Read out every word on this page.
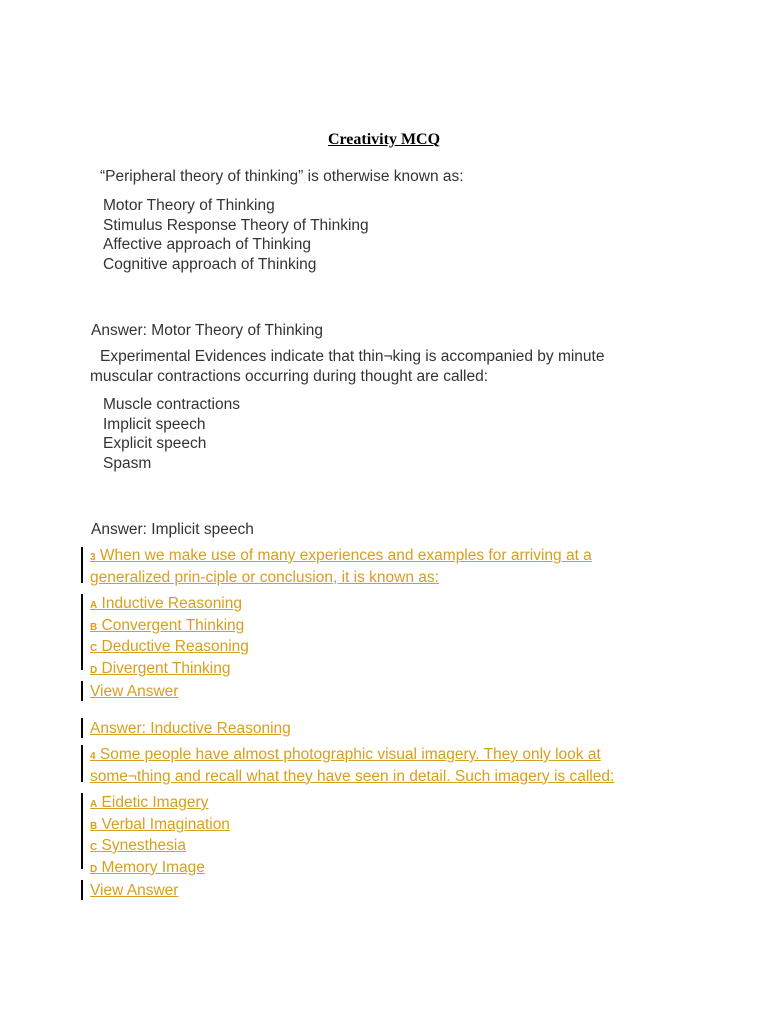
Creativity MCQ
“Peripheral theory of thinking” is otherwise known as:
Motor Theory of Thinking
Stimulus Response Theory of Thinking
Affective approach of Thinking
Cognitive approach of Thinking
Answer: Motor Theory of Thinking
Experimental Evidences indicate that thin¬king is accompanied by minute
muscular contractions occurring during thought are called:
Muscle contractions
Implicit speech
Explicit speech
Spasm
Answer: Implicit speech
3 When we make use of many experiences and examples for arriving at a
generalized prin-ciple or conclusion, it is known as:
A Inductive Reasoning
B Convergent Thinking
C Deductive Reasoning
D Divergent Thinking
View Answer
Answer: Inductive Reasoning
4 Some people have almost photographic visual imagery. They only look at
some¬thing and recall what they have seen in detail. Such imagery is called:
A Eidetic Imagery
B Verbal Imagination
C Synesthesia
D Memory Image
View Answer
